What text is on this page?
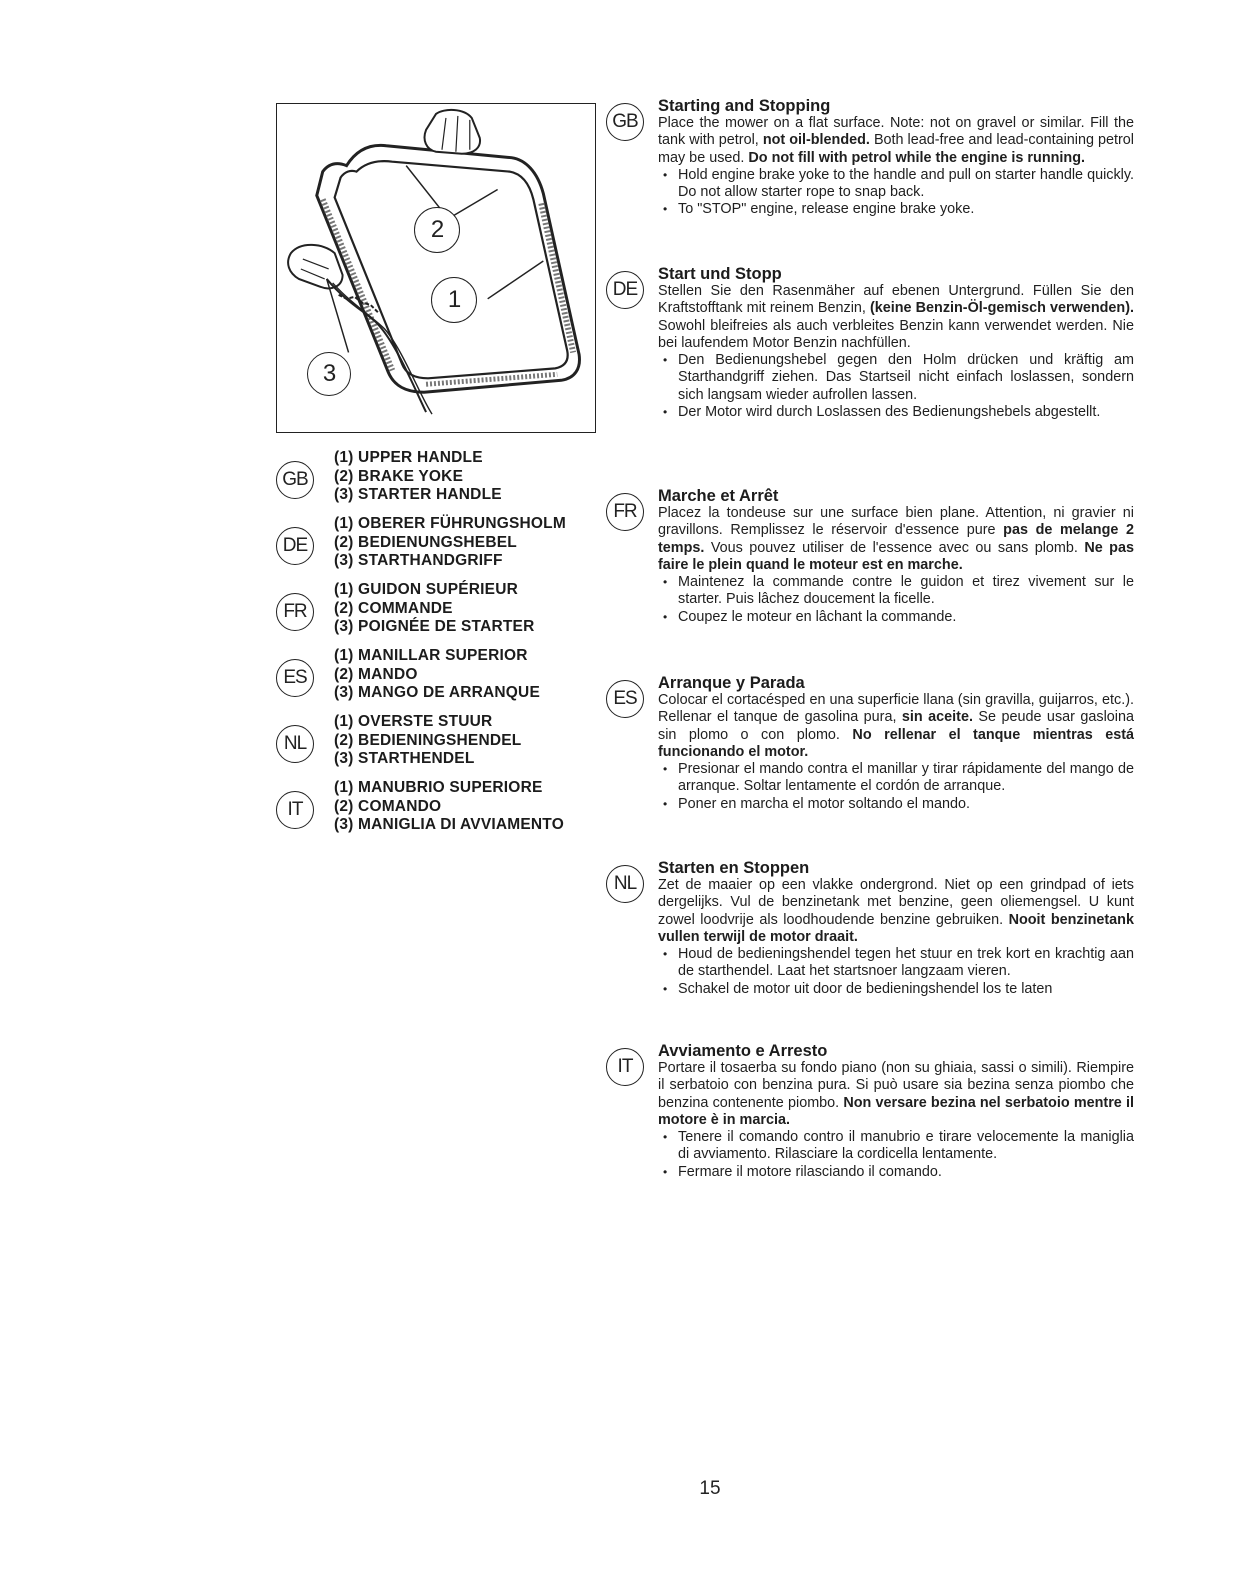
2
1
3
GB
(1) UPPER HANDLE
(2) BRAKE YOKE
(3) STARTER HANDLE
DE
(1) OBERER FÜHRUNGSHOLM
(2) BEDIENUNGSHEBEL
(3) STARTHANDGRIFF
FR
(1) GUIDON SUPÉRIEUR
(2) COMMANDE
(3) POIGNÉE DE STARTER
ES
(1) MANILLAR SUPERIOR
(2) MANDO
(3) MANGO DE ARRANQUE
NL
(1) OVERSTE STUUR
(2) BEDIENINGSHENDEL
(3) STARTHENDEL
IT
(1) MANUBRIO SUPERIORE
(2) COMANDO
(3) MANIGLIA DI AVVIAMENTO
GB
Starting and Stopping

Place the mower on a flat surface. Note: not on gravel or similar. Fill the tank with petrol, not oil-blended. Both lead-free and lead-containing petrol may be used. Do not fill with petrol while the engine is running.

• Hold engine brake yoke to the handle and pull on starter handle quickly. Do not allow starter rope to snap back.
• To "STOP" engine, release engine brake yoke.
DE
Start und Stopp

Stellen Sie den Rasenmäher auf ebenen Untergrund. Füllen Sie den Kraftstofftank mit reinem Benzin, (keine Benzin-Öl-gemisch verwenden). Sowohl bleifreies als auch verbleites Benzin kann verwendet werden. Nie bei laufendem Motor Benzin nachfüllen.

• Den Bedienungshebel gegen den Holm drücken und kräftig am Starthandgriff ziehen. Das Startseil nicht einfach loslassen, sondern sich langsam wieder aufrollen lassen.
• Der Motor wird durch Loslassen des Bedienungshebels abgestellt.
FR
Marche et Arrêt

Placez la tondeuse sur une surface bien plane. Attention, ni gravier ni gravillons. Remplissez le réservoir d'essence pure pas de melange 2 temps. Vous pouvez utiliser de l'essence avec ou sans plomb. Ne pas faire le plein quand le moteur est en marche.

• Maintenez la commande contre le guidon et tirez vivement sur le starter. Puis lâchez doucement la ficelle.
• Coupez le moteur en lâchant la commande.
ES
Arranque y Parada

Colocar el cortacésped en una superficie llana (sin gravilla, guijarros, etc.). Rellenar el tanque de gasolina pura, sin aceite. Se peude usar gasloina sin plomo o con plomo. No rellenar el tanque mientras está funcionando el motor.

• Presionar el mando contra el manillar y tirar rápidamente del mango de arranque. Soltar lentamente el cordón de arranque.
• Poner en marcha el motor soltando el mando.
NL
Starten en Stoppen

Zet de maaier op een vlakke ondergrond. Niet op een grindpad of iets dergelijks. Vul de benzinetank met benzine, geen oliemengsel. U kunt zowel loodvrije als loodhoudende benzine gebruiken. Nooit benzinetank vullen terwijl de motor draait.

• Houd de bedieningshendel tegen het stuur en trek kort en krachtig aan de starthendel. Laat het startsnoer langzaam vieren.
• Schakel de motor uit door de bedieningshendel los te laten
IT
Avviamento e Arresto

Portare il tosaerba su fondo piano (non su ghiaia, sassi o simili). Riempire il serbatoio con benzina pura. Si può usare sia bezina senza piombo che benzina contenente piombo. Non versare bezina nel serbatoio mentre il motore è in marcia.

• Tenere il comando contro il manubrio e tirare velocemente la maniglia di avviamento. Rilasciare la cordicella lentamente.
• Fermare il motore rilasciando il comando.
15
